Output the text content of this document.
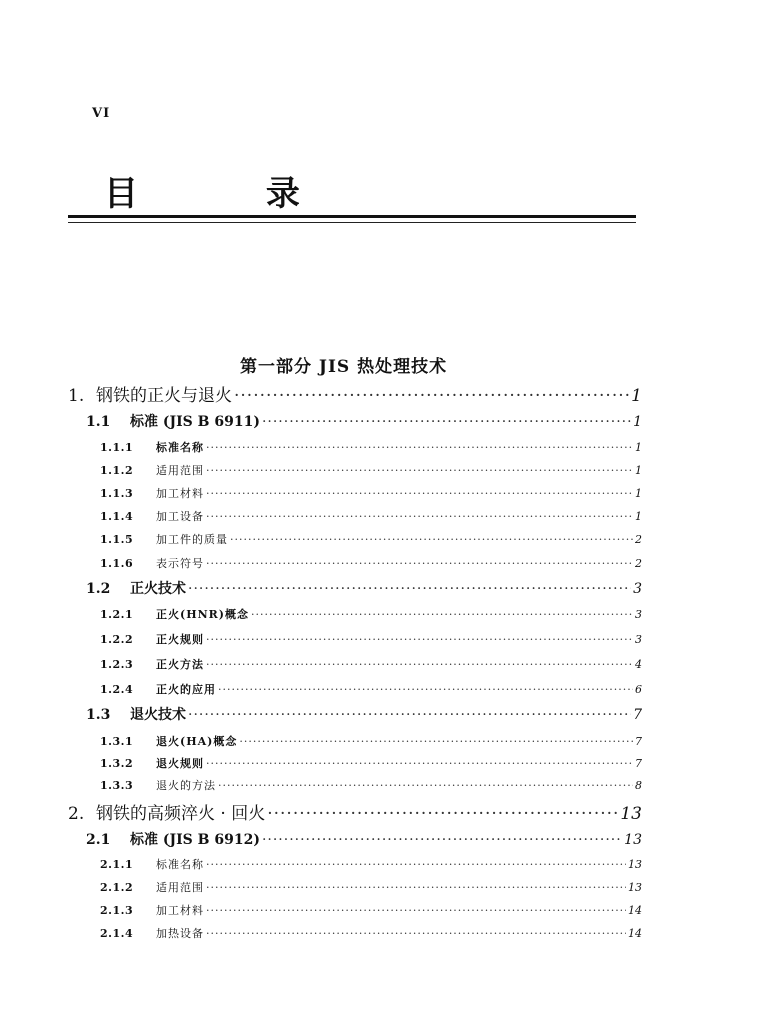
VI
目 录
第一部分 JIS 热处理技术
1. 钢铁的正火与退火 ·····	1
1.1	标准 (JIS B 6911) ·····	1
1.1.1	标准名称 ·····	1
1.1.2	适用范围 ·····	1
1.1.3	加工材料 ·····	1
1.1.4	加工设备 ·····	1
1.1.5	加工件的质量 ·····	2
1.1.6	表示符号 ·····	2
1.2	正火技术 ·····	3
1.2.1	正火(HNR)概念 ·····	3
1.2.2	正火规则 ·····	3
1.2.3	正火方法 ·····	4
1.2.4	正火的应用 ·····	6
1.3	退火技术 ·····	7
1.3.1	退火(HA)概念 ·····	7
1.3.2	退火规则 ·····	7
1.3.3	退火的方法 ·····	8
2. 钢铁的高频淬火 · 回火 ·····	13
2.1	标准 (JIS B 6912) ·····	13
2.1.1	标准名称 ·····	13
2.1.2	适用范围 ·····	13
2.1.3	加工材料 ·····	14
2.1.4	加热设备 ·····	14
